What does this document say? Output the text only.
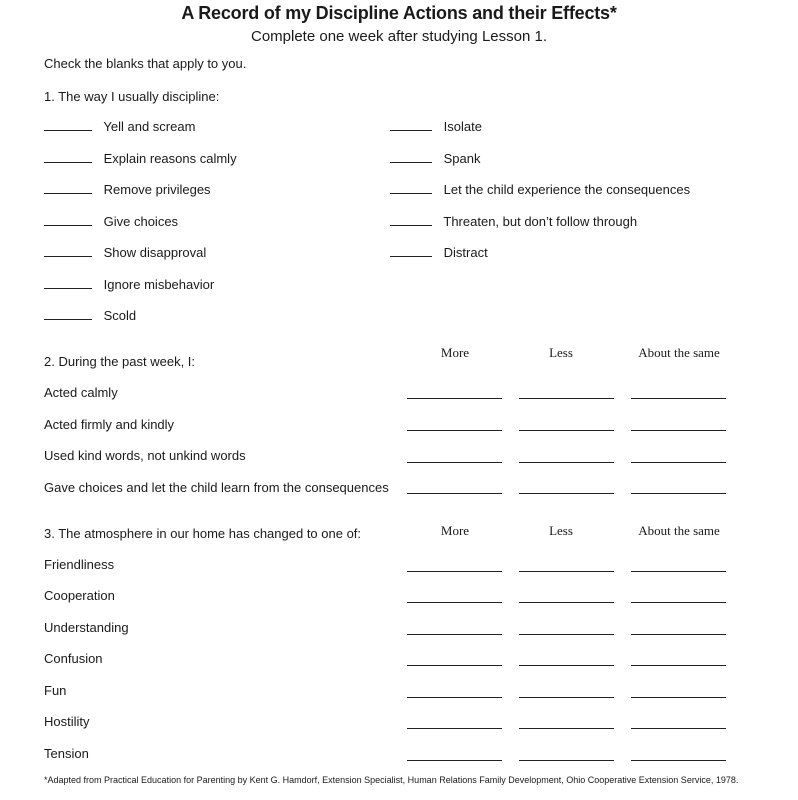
A Record of my Discipline Actions and their Effects*
Complete one week after studying Lesson 1.
Check the blanks that apply to you.
1. The way I usually discipline:
Yell and scream
Explain reasons calmly
Remove privileges
Give choices
Show disapproval
Ignore misbehavior
Scold
Isolate
Spank
Let the child experience the consequences
Threaten, but don’t follow through
Distract
More	Less	About the same
2. During the past week, I:
Acted calmly
Acted firmly and kindly
Used kind words, not unkind words
Gave choices and let the child learn from the consequences
More	Less	About the same
3. The atmosphere in our home has changed to one of:
Friendliness
Cooperation
Understanding
Confusion
Fun
Hostility
Tension
*Adapted from Practical Education for Parenting by Kent G. Hamdorf, Extension Specialist, Human Relations Family Development, Ohio Cooperative Extension Service, 1978.
